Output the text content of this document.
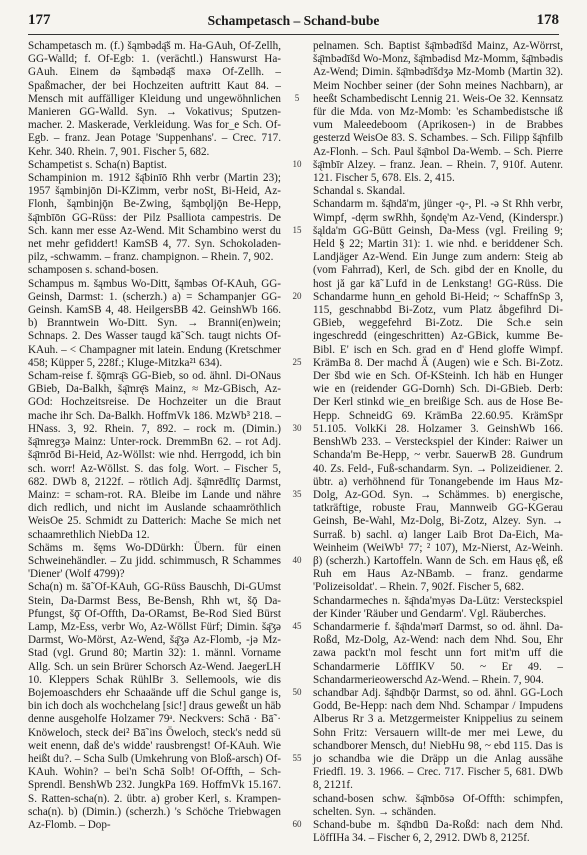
177	Schampetasch – Schand-bube	178

Schampetasch m. (f.) šąmbədą̄š m. Ha-GAuh, Of-Zellh, GG-Walld; f. Of-Egb: 1. (verächtl.) Hanswurst Ha-GAuh. Einem də šąmbədą̄š maxə Of-Zellh. – Spaßmacher, der bei Hochzeiten auftritt Kaut 84. – Mensch mit auffälliger Kleidung und ungewöhnlichen Manieren GG-Walld. Syn. → Vokativus; Sputzen-macher. 2. Maskerade, Verkleidung. Was for_e Sch. Of-Egb. – franz. Jean Potage 'Suppenhans'. – Crec. 717. Kehr. 340. Rhein. 7, 901. Fischer 5, 682.

Schampetist s. Scha(n) Baptist.

Schampinion m. 1912 šą̄binīō Rhh verbr (Martin 23); 1957 šąmbinjōn Di-KZimm, verbr noSt, Bi-Heid, Az-Flonh, šąmbinjǭn Be-Zwing, šąmbǫljǭn Be-Hepp, šą̄mbīōn GG-Rüss: der Pilz Psalliota campestris. De Sch. kann mer esse Az-Wend. Mit Schambino werst du net mehr gefiddert! KamSB 4, 77. Syn. Schokoladen-pilz, -schwamm. – franz. champignon. – Rhein. 7, 902.

schamposen s. schand-bosen.

Schampus m. šąmbus Wo-Ditt, šąmbǝs Of-KAuh, GG-Geinsh, Darmst: 1. (scherzh.) a) = Schampanjer GG-Geinsh. KamSB 4, 48. HeilgersBB 42. GeinshWb 166. b) Branntwein Wo-Ditt. Syn. → Branni(en)wein; Schnaps. 2. Des Wasser taugd kā̃ Sch. taugt nichts Of-KAuh. – < Champagner mit latein. Endung (Kretschmer 458; Küpper 5, 228f.; Kluge-Mitzka²¹ 634).

Scham-reise f. šǭmrą̄s GG-Bieb, so od. ähnl. Di-ONaus GBieb, Da-Balkh, šą̄mrę̄s Mainz, ≈ Mz-GBisch, Az-GOd: Hochzeitsreise. De Hochzeiter un die Braut mache ihr Sch. Da-Balkh. HoffmVk 186. MzWb³ 218. – HNass. 3, 92. Rhein. 7, 892. – rock m. (Dimin.) šą̄mregʒə Mainz: Unter-rock. DremmBn 62. – rot Adj. šą̄mrōd Bi-Heid, Az-Wöllst: wie nhd. Herrgodd, ich bin sch. worr! Az-Wöllst. S. das folg. Wort. – Fischer 5, 682. DWb 8, 2122f. – rötlich Adj. šą̄mrēdlīç Darmst, Mainz: = scham-rot. RA. Bleibe im Lande und nähre dich redlich, und nicht im Auslande schaamröthlich WeisOe 25. Schmidt zu Datterich: Mache Se mich net schaamrethlich NiebDa 12.

Schäms m. šęms Wo-DDürkh: Übern. für einen Schweinehändler. – Zu jidd. schimmusch, R Schammes 'Diener' (Wolf 4799)?

Scha(n) m. šā̃ Of-KAuh, GG-Rüss Bauschh, Di-GUmst Stein, Da-Darmst Bess, Be-Bensh, Rhh wt, šǭ Da-Pfungst, šǭ̄ Of-Offth, Da-ORamst, Be-Rod Sied Bürst Lamp, Mz-Ess, verbr Wo, Az-Wöllst Fürf; Dimin. šą̄ʒə Darmst, Wo-Mörst, Az-Wend, šą̄ʒə Az-Flomb, -jə Mz-Stad (vgl. Grund 80; Martin 32): 1. männl. Vorname Allg. Sch. un sein Brürer Schorsch Az-Wend. JaegerLH 10. Kleppers Schak RühlBr 3. Sellemools, wie dis Bojemoaschders ehr Schaaände uff die Schul gange is, bin ich doch als wochchelang [sic!] draus geweßt un häb denne ausgeholfe Holzamer 79ᵃ. Neckvers: Schā · Bā̃ · Knöweloch, steck dei² Bā̃ ins Öweloch, steck's nedd sü weit enenn, daß de's widde' rausbrengst! Of-KAuh. Wie heißt du?. – Scha Sulb (Umkehrung von Bloß-arsch) Of-KAuh. Wohin? – bei'n Schā Solb! Of-Offth, – Sch-Sprendl. BenshWb 232. JungkPa 169. HoffmVk 15.167. S. Ratten-scha(n). 2. übtr. a) grober Kerl, s. Krampen-scha(n). b) (Dimin.) (scherzh.) 's Schöche Triebwagen Az-Flomb. – Dop-

5
10
15
20
25
30
35
40
45
50
55
60

pelnamen. Sch. Baptist šą̄mbədīšd Mainz, Az-Wörrst, šą̄mbədīšd Wo-Monz, šą̄mbədisd Mz-Momm, šą̄mbədis Az-Wend; Dimin. šą̄mbədīšdʒə Mz-Momb (Martin 32). Meim Nochber seiner (der Sohn meines Nachbarn), ar heeßt Schambedischt Lennig 21. Weis-Oe 32. Kennsatz für die Mda. von Mz-Momb: 'es Schambedistsche iß vum Maleedeboom (Aprikosen-) in de Brabbes gesterzd WeisOe 83. S. Schambes. – Sch. Filipp šą̄nfilb Az-Flonh. – Sch. Paul šą̄mbol Da-Wemb. – Sch. Pierre šą̄mbīr Alzey. – franz. Jean. – Rhein. 7, 910f. Autenr. 121. Fischer 5, 678. Els. 2, 415.

Schandal s. Skandal.

Schandarm m. šą̄ndā'm, jünger -ǫ-, Pl. -ǝ St Rhh verbr, Wimpf, -dęrm swRhh, šǫndę'm Az-Vend, (Kinderspr.) šąlda'm GG-Bütt Geinsh, Da-Mess (vgl. Freiling 9; Held § 22; Martin 31): 1. wie nhd. e beriddener Sch. Landjäger Az-Wend. Ein Junge zum andern: Steig ab (vom Fahrrad), Kerl, de Sch. gibd der en Knolle, du host jǎ gar kā̃ Lufd in de Lenkstang! GG-Rüss. Die Schandarme hunn_en gehold Bi-Heid; ~ SchaffnSp 3, 115, geschnabbd Bi-Zotz, vum Platz åbgefihrd Di-GBieb, weggefehrd Bi-Zotz. Die Sch.e sein ingeschredd (eingeschritten) Az-GBick, kumme Be-Bibl. E' isch en Sch. grad en d' Hend gloffe Wimpf. KrämBa 8. Der machd Ä (Augen) wie e Sch. Bi-Zotz. Der šbd wie en Sch. Of-KSteinh. Ich häb en Hunger wie en (reidender GG-Dornh) Sch. Di-GBieb. Derb: Der Kerl stinkd wie_en breißige Sch. aus de Hose Be-Hepp. SchneidG 69. KrämBa 22.60.95. KrämSpr 51.105. VolkKi 28. Holzamer 3. GeinshWb 166. BenshWb 233. – Versteckspiel der Kinder: Raiwer un Schanda'm Be-Hepp, ~ verbr. SauerwB 28. Gundrum 40. Zs. Feld-, Fuß-schandarm. Syn. → Polizeidiener. 2. übtr. a) verhöhnend für Tonangebende im Haus Mz-Dolg, Az-GOd. Syn. → Schämmes. b) energische, tatkräftige, robuste Frau, Mannweib GG-KGerau Geinsh, Be-Wahl, Mz-Dolg, Bi-Zotz, Alzey. Syn. → Surraß. b) sachl. α) langer Laib Brot Da-Eich, Ma-Weinheim (WeiWb¹ 77; ² 107), Mz-Nierst, Az-Weinh. β) (scherzh.) Kartoffeln. Wann de Sch. em Haus ęß, eß Ruh em Haus Az-NBamb. – franz. gendarme 'Polizeisoldat'. – Rhein. 7, 902f. Fischer 5, 682.

Schandarmeches n. šą̄nda'myəs Da-Lütz: Versteckspiel der Kinder 'Räuber und Gendarm'. Vgl. Räuberches.

Schandarmerie f. šą̄nda'mərī Darmst, so od. ähnl. Da-Roßd, Mz-Dolg, Az-Wend: nach dem Nhd. Sou, Ehr zawa packt'n mol fescht unn fort mit'm uff die Schandarmerie LöffIKV 50. ~ Er 49. – Schandarmerieowerschd Az-Wend. – Rhein. 7, 904.

schandbar Adj. šą̄ndbǭr Darmst, so od. ähnl. GG-Loch Godd, Be-Hepp: nach dem Nhd. Schampar / Impudens Alberus Rr 3 a. Metzgermeister Knippelius zu seinem Sohn Fritz: Versauern willt-de mer mei Lewe, du schandborer Mensch, du! NiebHu 98, ~ ebd 115. Das is jo schandba wie die Dräpp un die Anlag aussähe Friedfl. 19. 3. 1966. – Crec. 717. Fischer 5, 681. DWb 8, 2121f.

schand-bosen schw. šą̄mbōsə Of-Offth: schimpfen, schelten. Syn. → schänden.

Schand-bube m. šą̄ndbū Da-Roßd: nach dem Nhd. LöffIHa 34. – Fischer 6, 2, 2912. DWb 8, 2125f.
